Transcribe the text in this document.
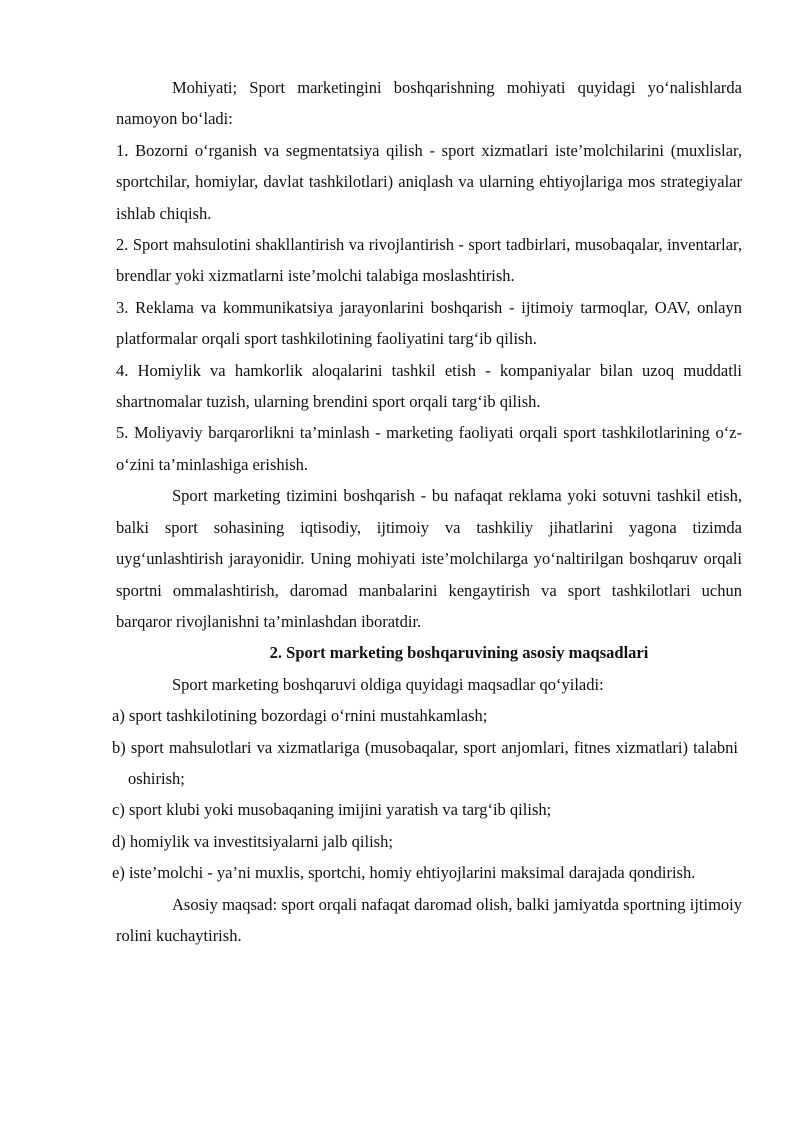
Mohiyati; Sport marketingini boshqarishning mohiyati quyidagi yo‘nalishlarda namoyon bo‘ladi:

1. Bozorni o‘rganish va segmentatsiya qilish - sport xizmatlari iste’molchilarini (muxlislar, sportchilar, homiylar, davlat tashkilotlari) aniqlash va ularning ehtiyojlariga mos strategiyalar ishlab chiqish.

2. Sport mahsulotini shakllantirish va rivojlantirish - sport tadbirlari, musobaqalar, inventarlar, brendlar yoki xizmatlarni iste’molchi talabiga moslashtirish.

3. Reklama va kommunikatsiya jarayonlarini boshqarish - ijtimoiy tarmoqlar, OAV, onlayn platformalar orqali sport tashkilotining faoliyatini targ‘ib qilish.

4. Homiylik va hamkorlik aloqalarini tashkil etish - kompaniyalar bilan uzoq muddatli shartnomalar tuzish, ularning brendini sport orqali targ‘ib qilish.

5. Moliyaviy barqarorlikni ta’minlash - marketing faoliyati orqali sport tashkilotlarining o‘z-o‘zini ta’minlashiga erishish.

Sport marketing tizimini boshqarish - bu nafaqat reklama yoki sotuvni tashkil etish, balki sport sohasining iqtisodiy, ijtimoiy va tashkiliy jihatlarini yagona tizimda uyg‘unlashtirish jarayonidir. Uning mohiyati iste’molchilarga yo‘naltirilgan boshqaruv orqali sportni ommalashtirish, daromad manbalarini kengaytirish va sport tashkilotlari uchun barqaror rivojlanishni ta’minlashdan iboratdir.

2. Sport marketing boshqaruvining asosiy maqsadlari

Sport marketing boshqaruvi oldiga quyidagi maqsadlar qo‘yiladi:

a) sport tashkilotining bozordagi o‘rnini mustahkamlash;
b) sport mahsulotlari va xizmatlariga (musobaqalar, sport anjomlari, fitnes xizmatlari) talabni oshirish;
c) sport klubi yoki musobaqaning imijini yaratish va targ‘ib qilish;
d) homiylik va investitsiyalarni jalb qilish;
e) iste’molchi - ya’ni muxlis, sportchi, homiy ehtiyojlarini maksimal darajada qondirish.

Asosiy maqsad: sport orqali nafaqat daromad olish, balki jamiyatda sportning ijtimoiy rolini kuchaytirish.
